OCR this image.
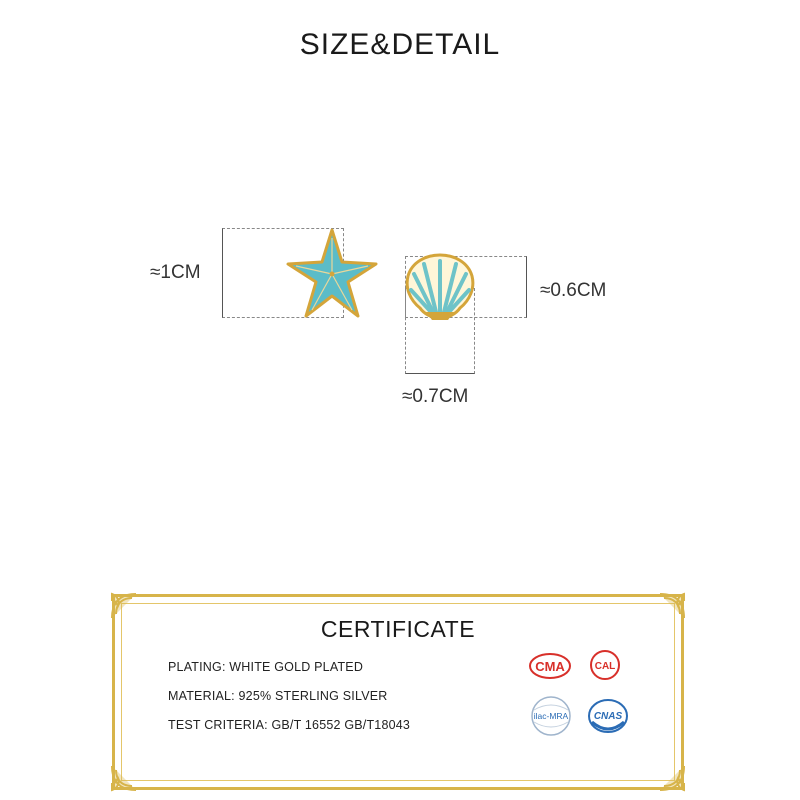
SIZE&DETAIL
≈1CM
≈0.6CM
≈0.7CM
CERTIFICATE
PLATING: WHITE GOLD PLATED
MATERIAL: 925% STERLING SILVER
TEST CRITERIA: GB/T 16552 GB/T18043
CMA	CAL
ilac-MRA	CNAS
